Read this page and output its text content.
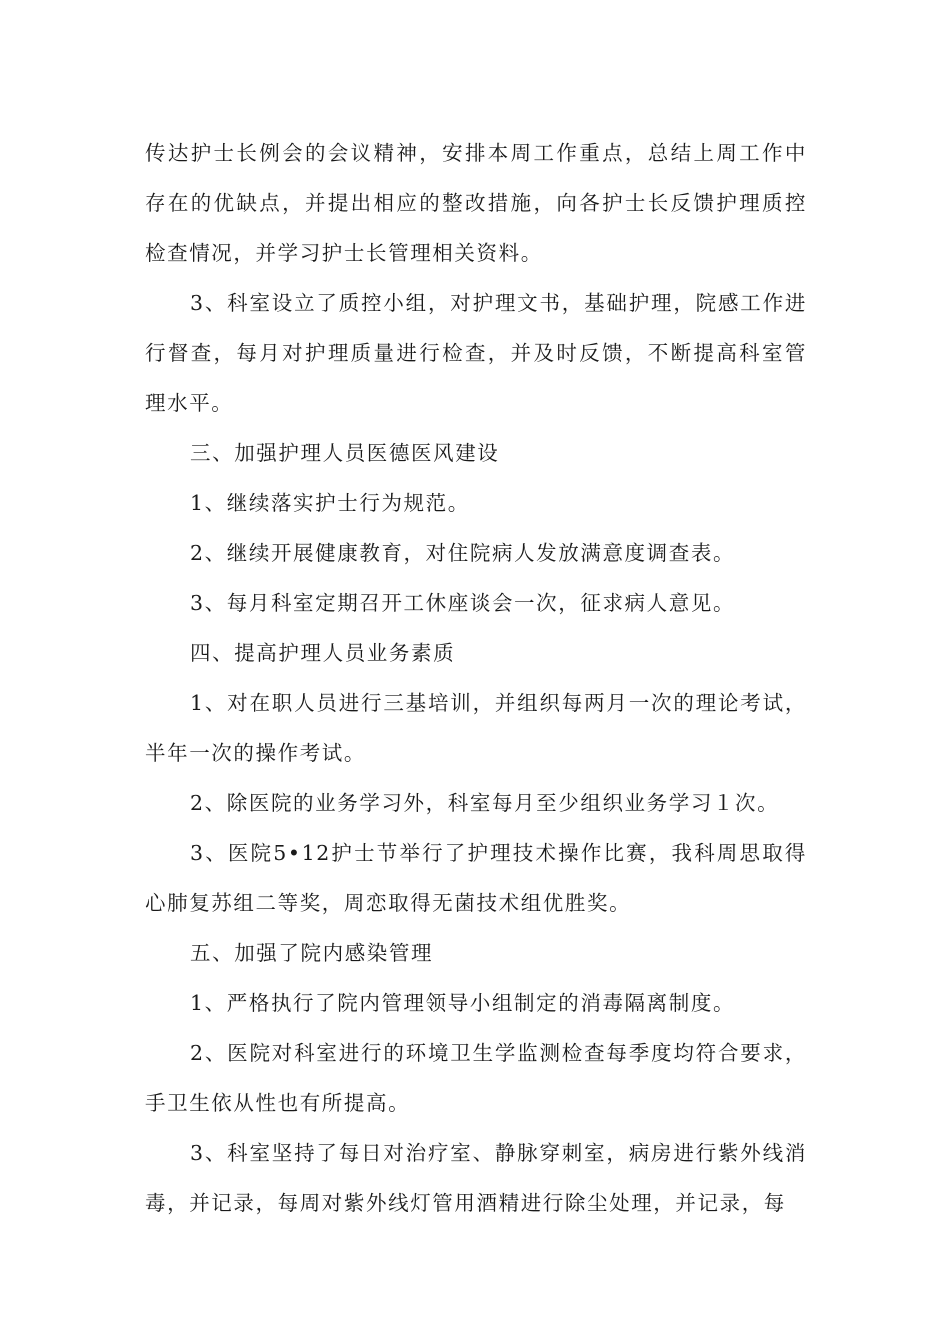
传达护士长例会的会议精神，安排本周工作重点，总结上周工作中存在的优缺点，并提出相应的整改措施，向各护士长反馈护理质控检查情况，并学习护士长管理相关资料。

3、科室设立了质控小组，对护理文书，基础护理，院感工作进行督查，每月对护理质量进行检查，并及时反馈，不断提高科室管理水平。

三、加强护理人员医德医风建设

1、继续落实护士行为规范。

2、继续开展健康教育，对住院病人发放满意度调查表。

3、每月科室定期召开工休座谈会一次，征求病人意见。

四、提高护理人员业务素质

1、对在职人员进行三基培训，并组织每两月一次的理论考试，半年一次的操作考试。

2、除医院的业务学习外，科室每月至少组织业务学习１次。

3、医院5•12护士节举行了护理技术操作比赛，我科周思取得心肺复苏组二等奖，周恋取得无菌技术组优胜奖。

五、加强了院内感染管理

1、严格执行了院内管理领导小组制定的消毒隔离制度。

2、医院对科室进行的环境卫生学监测检查每季度均符合要求，手卫生依从性也有所提高。

3、科室坚持了每日对治疗室、静脉穿刺室，病房进行紫外线消毒，并记录，每周对紫外线灯管用酒精进行除尘处理，并记录，每
